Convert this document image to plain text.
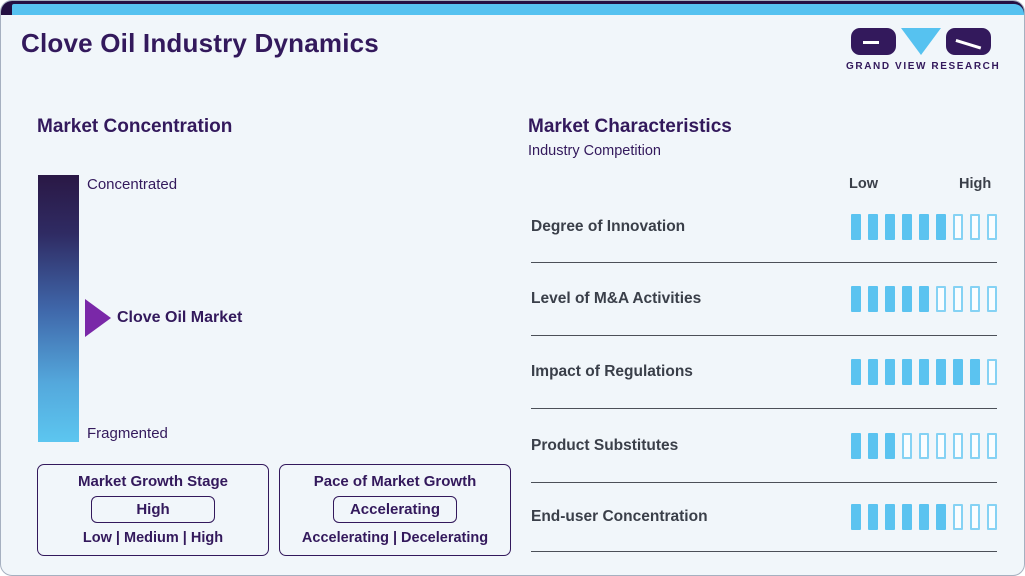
Clove Oil Industry Dynamics
GRAND VIEW RESEARCH
Market Concentration
Concentrated
Fragmented
Clove Oil Market
Market Growth Stage
High
Low | Medium | High
Pace of Market Growth
Accelerating
Accelerating | Decelerating
Market Characteristics
Industry Competition
Low	High
Degree of Innovation
Level of M&A Activities
Impact of Regulations
Product Substitutes
End-user Concentration
